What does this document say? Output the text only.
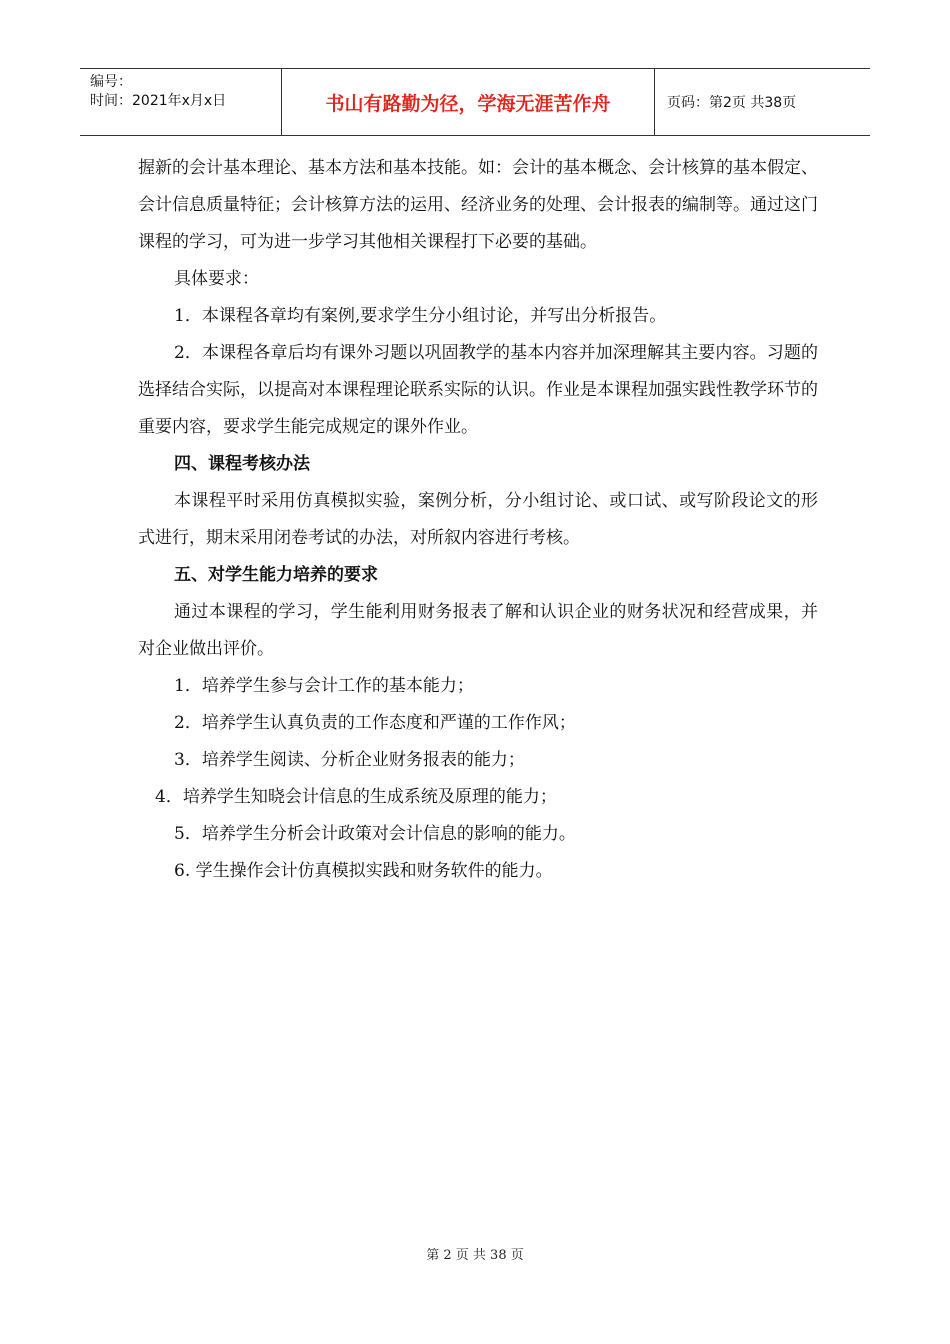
编号：
时间：2021年x月x日	书山有路勤为径，学海无涯苦作舟	页码：第2页 共38页

握新的会计基本理论、基本方法和基本技能。如：会计的基本概念、会计核算的基本假定、会计信息质量特征；会计核算方法的运用、经济业务的处理、会计报表的编制等。通过这门课程的学习，可为进一步学习其他相关课程打下必要的基础。

具体要求：

1．本课程各章均有案例,要求学生分小组讨论，并写出分析报告。

2．本课程各章后均有课外习题以巩固教学的基本内容并加深理解其主要内容。习题的选择结合实际，以提高对本课程理论联系实际的认识。作业是本课程加强实践性教学环节的重要内容，要求学生能完成规定的课外作业。

四、课程考核办法

本课程平时采用仿真模拟实验，案例分析，分小组讨论、或口试、或写阶段论文的形式进行，期末采用闭卷考试的办法，对所叙内容进行考核。

五、对学生能力培养的要求

通过本课程的学习，学生能利用财务报表了解和认识企业的财务状况和经营成果，并对企业做出评价。

1．培养学生参与会计工作的基本能力；

2．培养学生认真负责的工作态度和严谨的工作作风；

3．培养学生阅读、分析企业财务报表的能力；

4．培养学生知晓会计信息的生成系统及原理的能力；

5．培养学生分析会计政策对会计信息的影响的能力。

6. 学生操作会计仿真模拟实践和财务软件的能力。

第 2 页 共 38 页
